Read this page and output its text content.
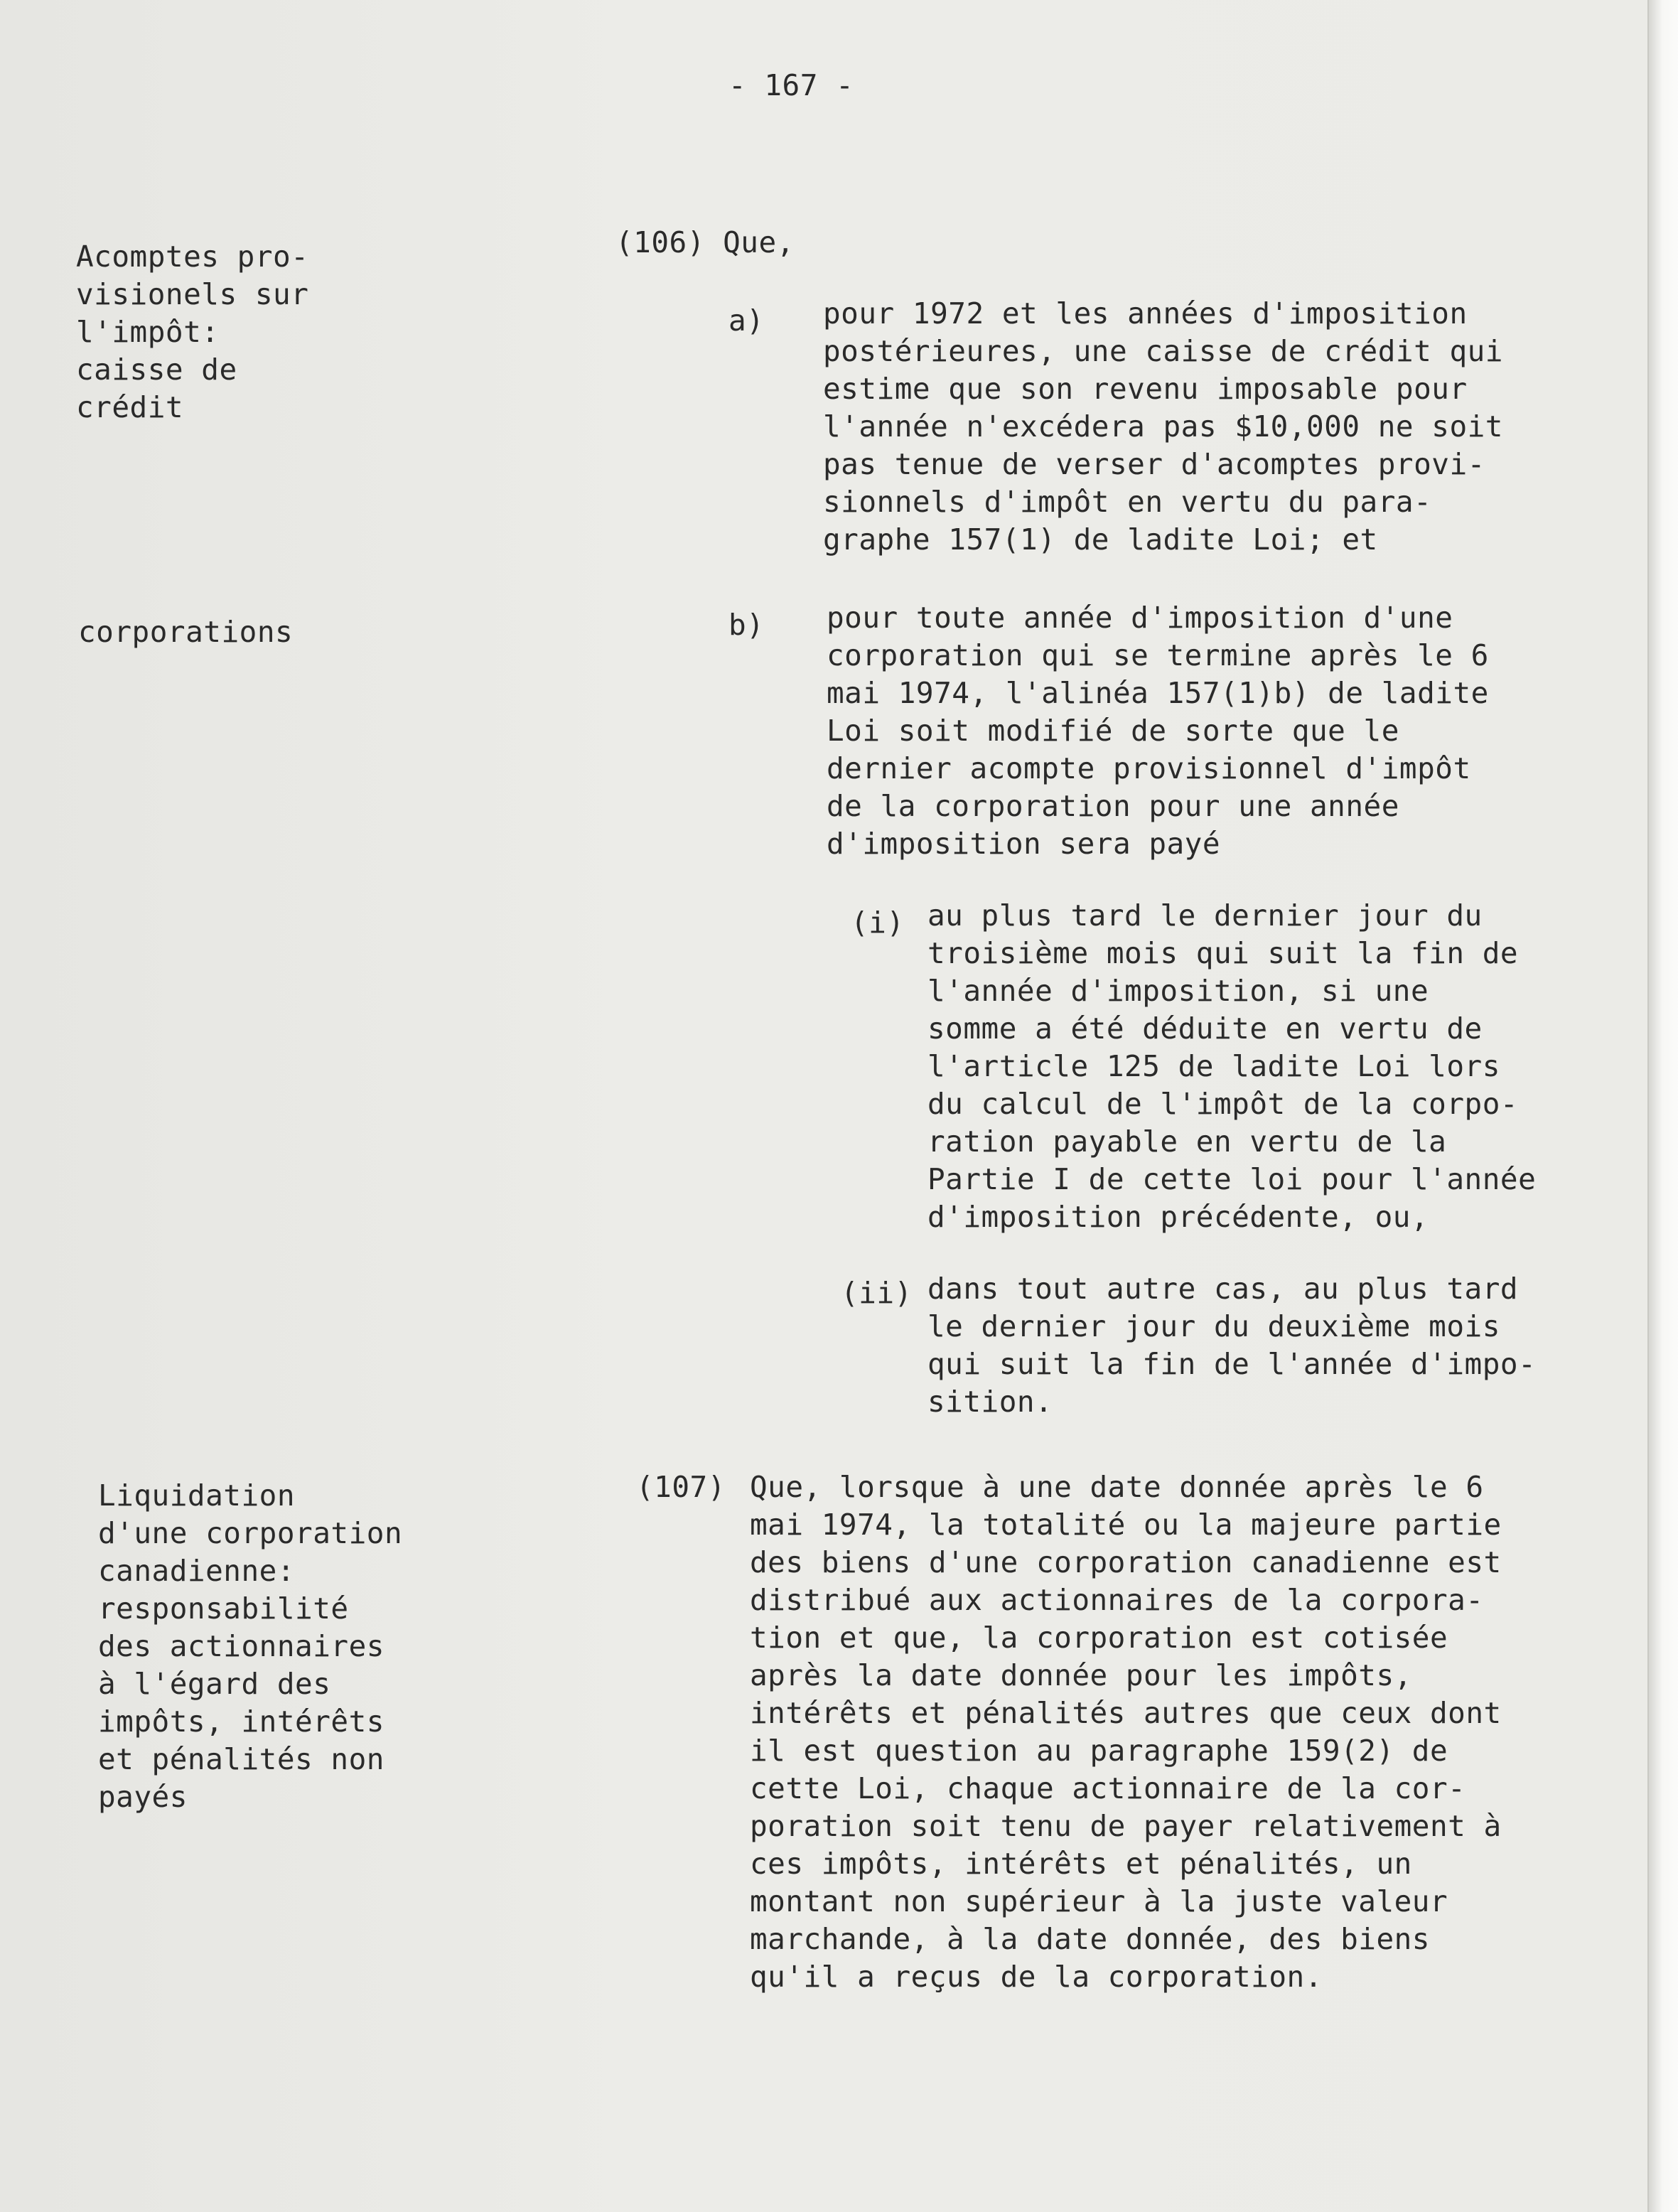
- 167 -
(106) Que,
Acomptes pro-
visionels sur
l'impôt:
caisse de
crédit
a) pour 1972 et les années d'imposition
postérieures, une caisse de crédit qui
estime que son revenu imposable pour
l'année n'excédera pas $10,000 ne soit
pas tenue de verser d'acomptes provi-
sionnels d'impôt en vertu du para-
graphe 157(1) de ladite Loi; et
corporations	b) pour toute année d'imposition d'une
corporation qui se termine après le 6
mai 1974, l'alinéa 157(1)b) de ladite
Loi soit modifié de sorte que le
dernier acompte provisionnel d'impôt
de la corporation pour une année
d'imposition sera payé
(i) au plus tard le dernier jour du
troisième mois qui suit la fin de
l'année d'imposition, si une
somme a été déduite en vertu de
l'article 125 de ladite Loi lors
du calcul de l'impôt de la corpo-
ration payable en vertu de la
Partie I de cette loi pour l'année
d'imposition précédente, ou,
(ii) dans tout autre cas, au plus tard
le dernier jour du deuxième mois
qui suit la fin de l'année d'impo-
sition.
(107) Que, lorsque à une date donnée après le 6
mai 1974, la totalité ou la majeure partie
des biens d'une corporation canadienne est
distribué aux actionnaires de la corpora-
tion et que, la corporation est cotisée
après la date donnée pour les impôts,
intérêts et pénalités autres que ceux dont
il est question au paragraphe 159(2) de
cette Loi, chaque actionnaire de la cor-
poration soit tenu de payer relativement à
ces impôts, intérêts et pénalités, un
montant non supérieur à la juste valeur
marchande, à la date donnée, des biens
qu'il a reçus de la corporation.
Liquidation
d'une corporation
canadienne:
responsabilité
des actionnaires
à l'égard des
impôts, intérêts
et pénalités non
payés
